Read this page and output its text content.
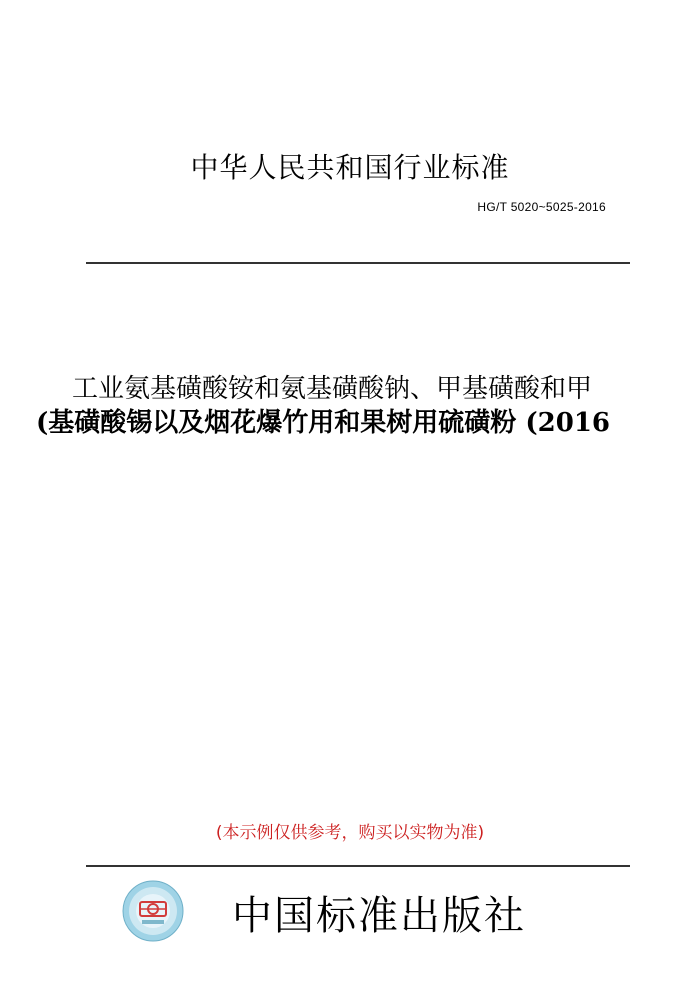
中华人民共和国行业标准
HG/T 5020~5025-2016
工业氨基磺酸铵和氨基磺酸钠、甲基磺酸和甲
(基磺酸锡以及烟花爆竹用和果树用硫磺粉 (2016
(本示例仅供参考，购买以实物为准)
中国标准出版社
